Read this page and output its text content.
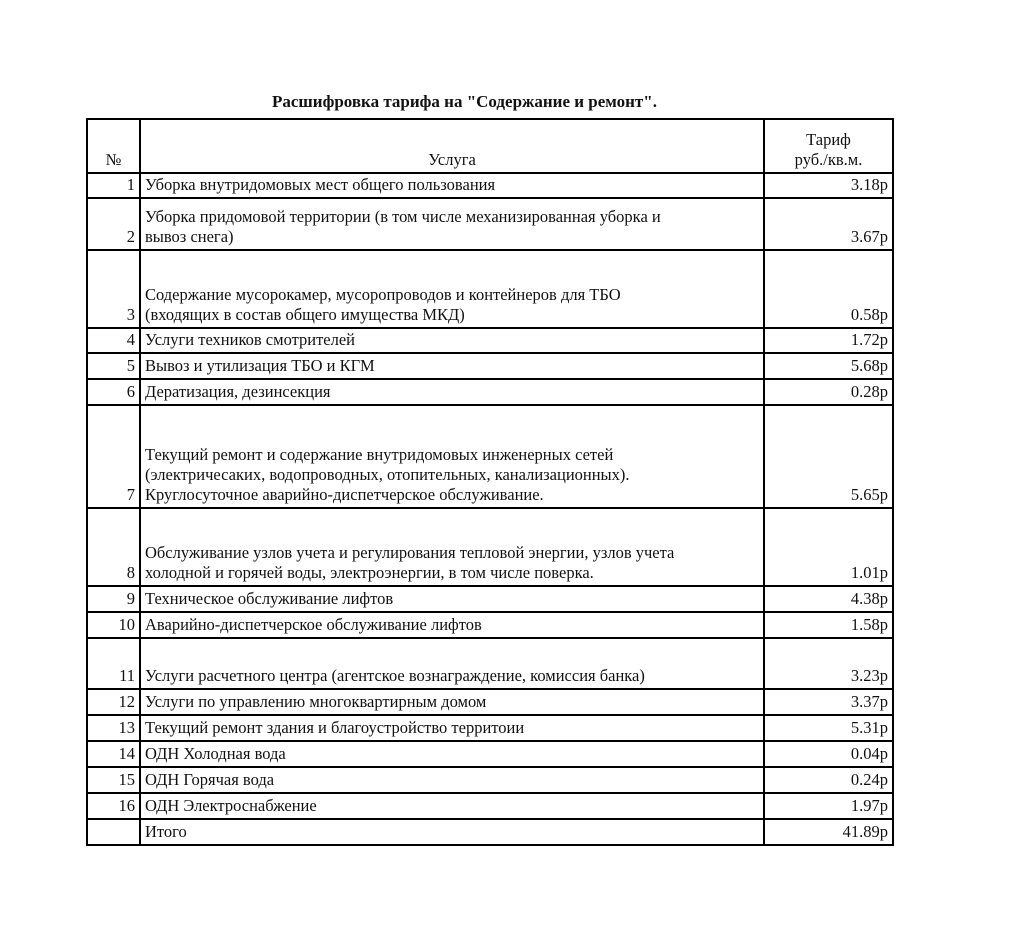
Расшифровка тарифа на "Содержание и ремонт".
№	Услуга	Тариф
руб./кв.м.

1	Уборка внутридомовых мест общего пользования	3.18р
2	Уборка придомовой территории (в том числе механизированная уборка и
вывоз снега)	3.67р
3	Содержание мусорокамер, мусоропроводов и контейнеров для ТБО
(входящих в состав общего имущества МКД)	0.58р
4	Услуги техников смотрителей	1.72р
5	Вывоз и утилизация ТБО и КГМ	5.68р
6	Дератизация, дезинсекция	0.28р
7	Текущий ремонт и содержание внутридомовых инженерных сетей
(электричесаких, водопроводных, отопительных, канализационных).
Круглосуточное аварийно-диспетчерское обслуживание.	5.65р
8	Обслуживание узлов учета и регулирования тепловой энергии, узлов учета
холодной и горячей воды, электроэнергии, в том числе поверка.	1.01р
9	Техническое обслуживание лифтов	4.38р
10	Аварийно-диспетчерское обслуживание лифтов	1.58р
11	Услуги расчетного центра (агентское вознаграждение, комиссия банка)	3.23р
12	Услуги по управлению многоквартирным домом	3.37р
13	Текущий ремонт здания и благоустройство территоии	5.31р
14	ОДН Холодная вода	0.04р
15	ОДН Горячая вода	0.24р
16	ОДН Электроснабжение	1.97р
	Итого	41.89р
